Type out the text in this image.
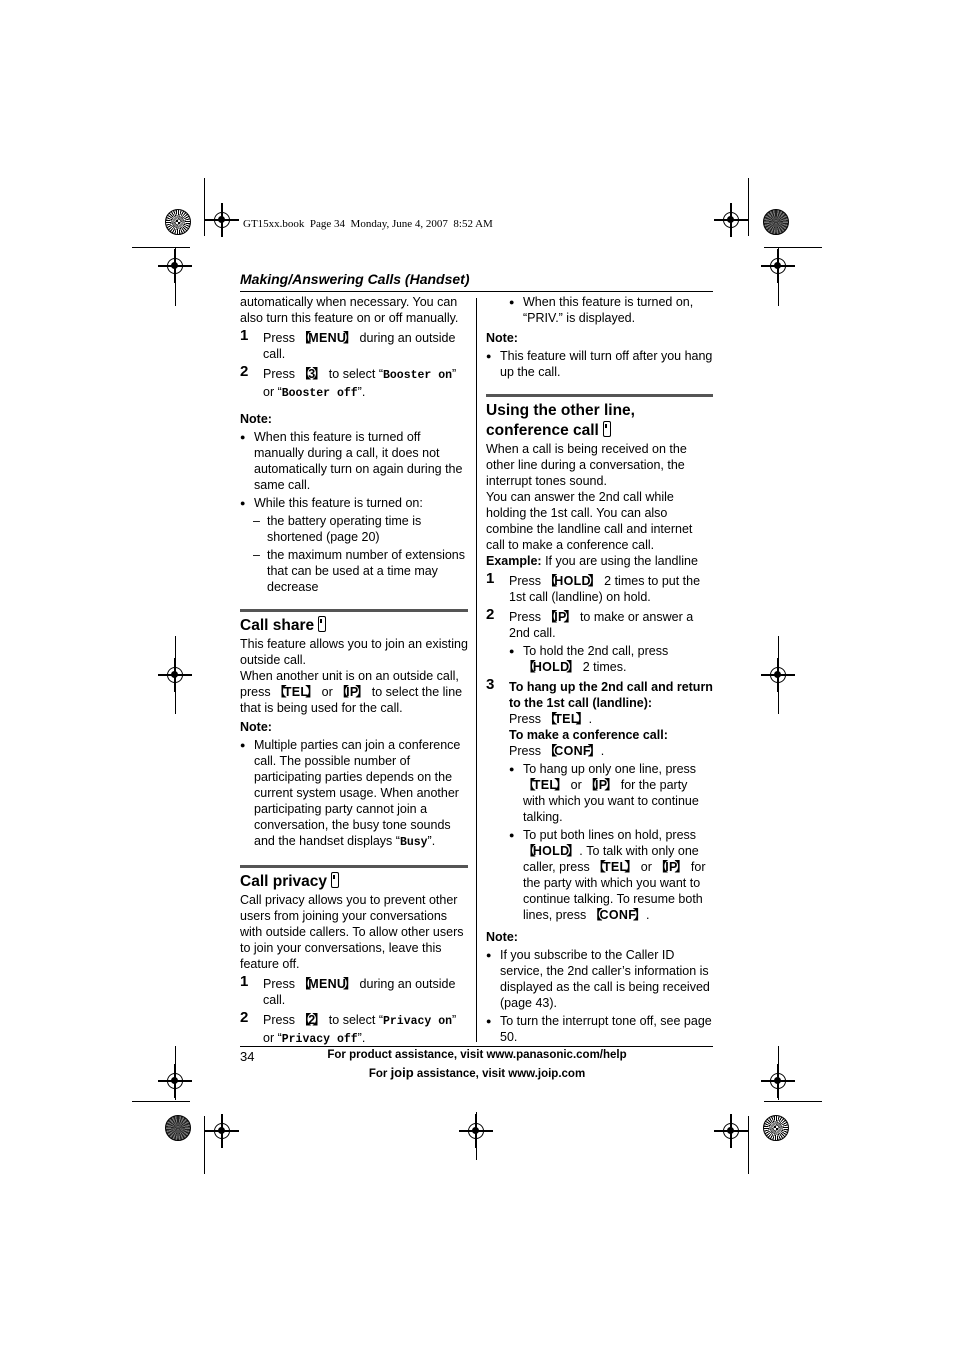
GT15xx.book  Page 34  Monday, June 4, 2007  8:52 AM
Making/Answering Calls (Handset)

automatically when necessary. You can also turn this feature on or off manually.

1 Press 【 MENU 】 during an outside call.
2 Press 【 3 】 to select “Booster on” or “Booster off”.

Note:

● When this feature is turned off manually during a call, it does not automatically turn on again during the same call.
● While this feature is turned on:
– the battery operating time is shortened (page 20)
– the maximum number of extensions that can be used at a time may decrease
Call share

This feature allows you to join an existing outside call.

When another unit is on an outside call, press 【 TEL 】 or 【 IP 】 to select the line that is being used for the call.

Note:

● Multiple parties can join a conference call. The possible number of participating parties depends on the current system usage. When another participating party cannot join a conversation, the busy tone sounds and the handset displays “Busy”.
Call privacy

Call privacy allows you to prevent other users from joining your conversations with outside callers. To allow other users to join your conversations, leave this feature off.

1 Press 【 MENU 】 during an outside call.
2 Press 【 2 】 to select “Privacy on” or “Privacy off”.
● When this feature is turned on, “PRIV.” is displayed.

Note:

● This feature will turn off after you hang up the call.
Using the other line,
conference call

When a call is being received on the other line during a conversation, the interrupt tones sound.

You can answer the 2nd call while holding the 1st call. You can also combine the landline call and internet call to make a conference call.

Example: If you are using the landline

1 Press 【 HOLD 】 2 times to put the 1st call (landline) on hold.
2 Press 【 IP 】 to make or answer a 2nd call.
● To hold the 2nd call, press 【 HOLD 】 2 times.
3 To hang up the 2nd call and return to the 1st call (landline):
Press 【 TEL 】 .
To make a conference call:
Press 【 CONF 】 .
● To hang up only one line, press 【 TEL 】 or 【 IP 】 for the party with which you want to continue talking.
● To put both lines on hold, press 【 HOLD 】 . To talk with only one caller, press 【 TEL 】 or 【 IP 】 for the party with which you want to continue talking. To resume both lines, press 【 CONF 】 .

Note:

● If you subscribe to the Caller ID service, the 2nd caller’s information is displayed as the call is being received (page 43).
● To turn the interrupt tone off, see page 50.
34	For product assistance, visit www.panasonic.com/help
For joip assistance, visit www.joip.com
